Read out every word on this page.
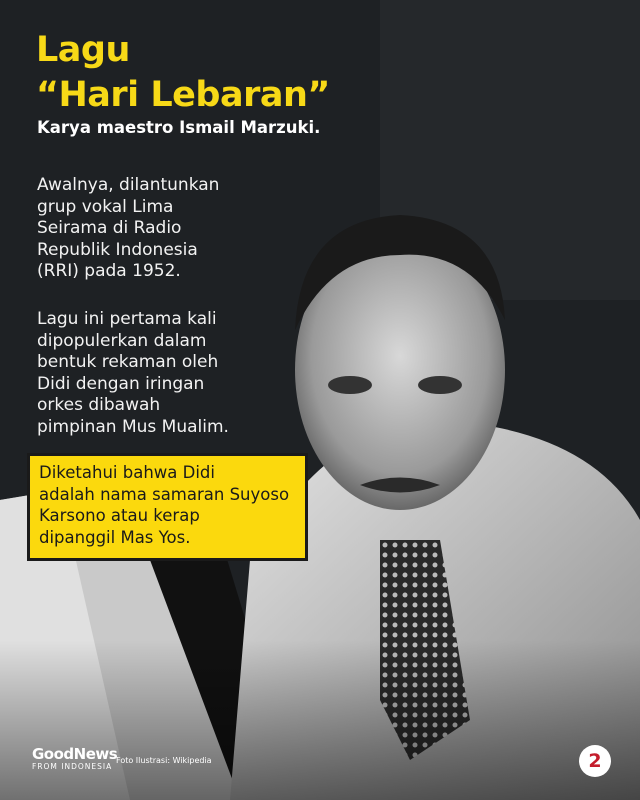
Lagu
“Hari Lebaran”
Karya maestro Ismail Marzuki.
Awalnya, dilantunkan
grup vokal Lima
Seirama di Radio
Republik Indonesia
(RRI) pada 1952.
Lagu ini pertama kali
dipopulerkan dalam
bentuk rekaman oleh
Didi dengan iringan
orkes dibawah
pimpinan Mus Mualim.
Diketahui bahwa Didi
adalah nama samaran Suyoso
Karsono atau kerap
dipanggil Mas Yos.
GoodNews
FROM INDONESIA
Foto Ilustrasi: Wikipedia	2
